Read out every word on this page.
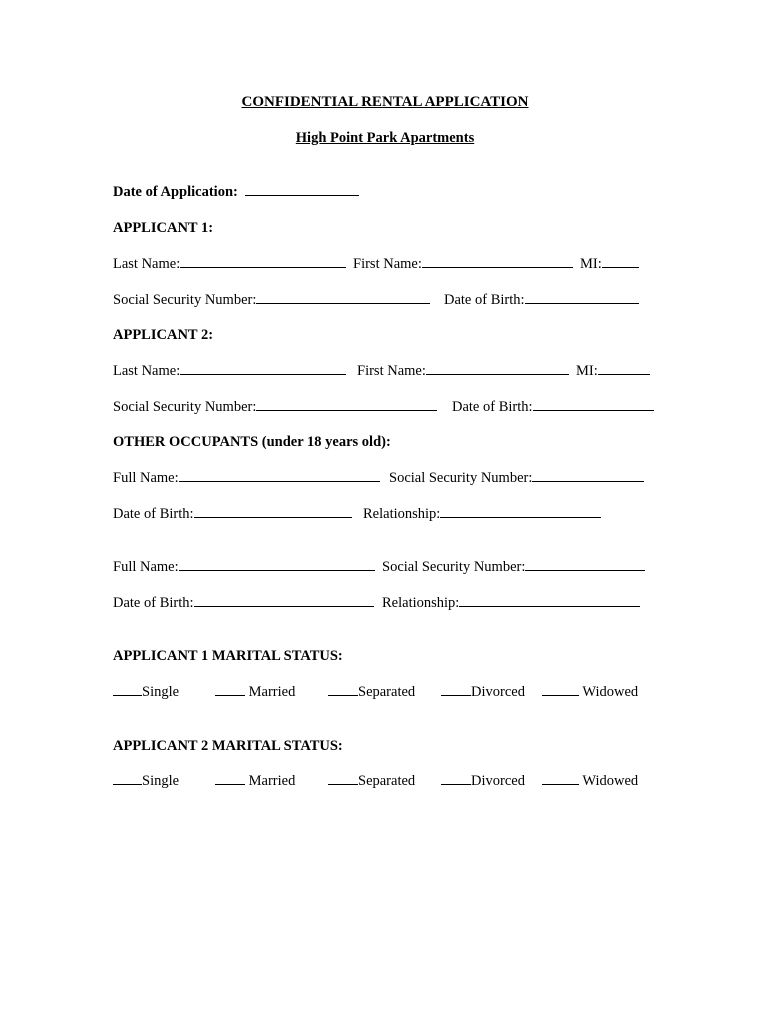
CONFIDENTIAL RENTAL APPLICATION
High Point Park Apartments
Date of Application:
APPLICANT 1:
Last Name:	First Name:	MI:
Social Security Number:	Date of Birth:
APPLICANT 2:
Last Name:	First Name:	MI:
Social Security Number:	Date of Birth:
OTHER OCCUPANTS (under 18 years old):
Full Name:	Social Security Number:
Date of Birth:	Relationship:
Full Name:	Social Security Number:
Date of Birth:	Relationship:
APPLICANT 1 MARITAL STATUS:
Single	Married	Separated	Divorced	Widowed
APPLICANT 2 MARITAL STATUS:
Single	Married	Separated	Divorced	Widowed
